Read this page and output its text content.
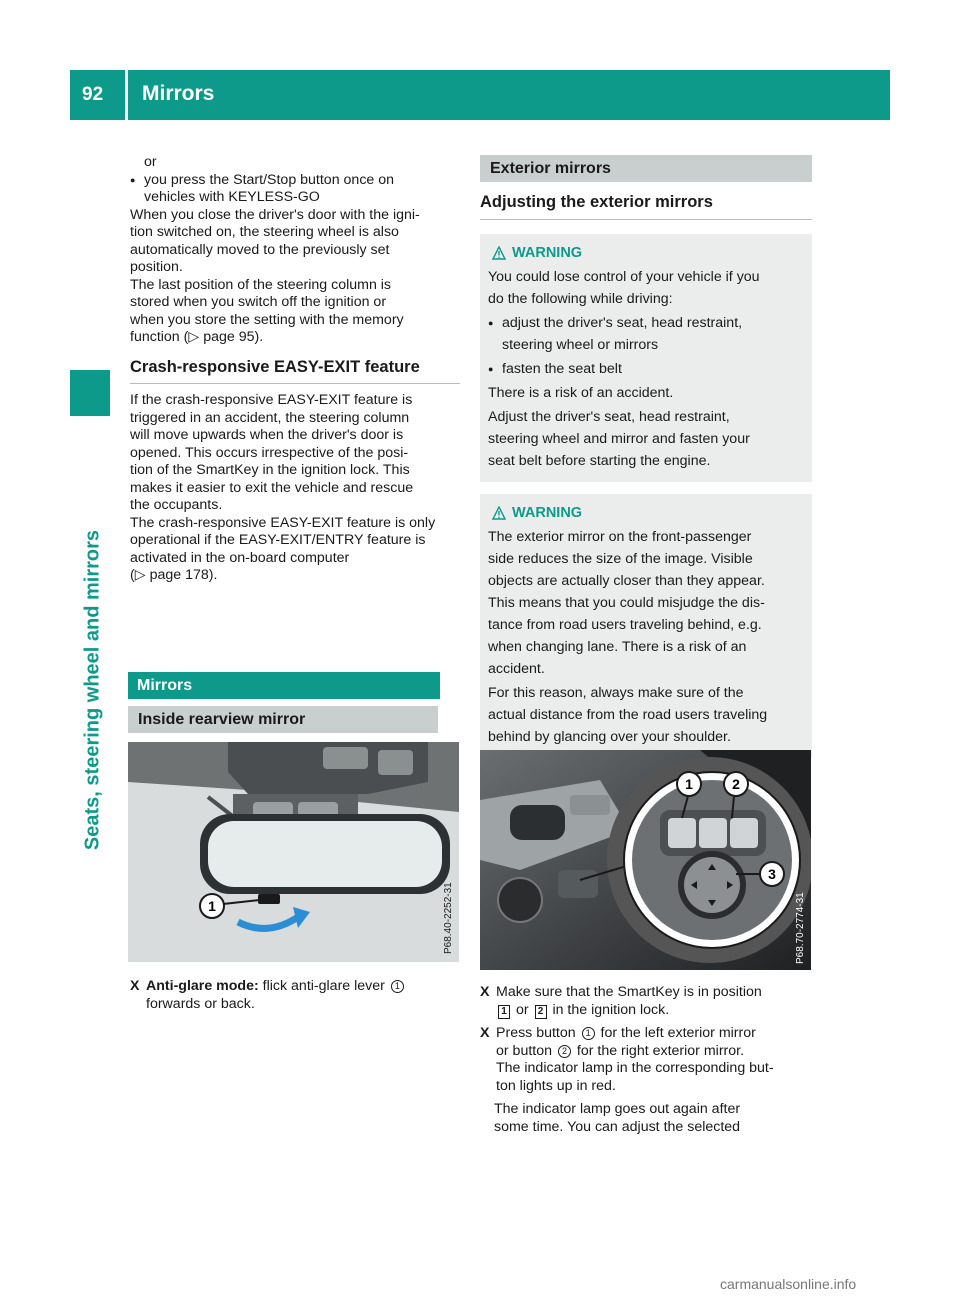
92 Mirrors
Seats, steering wheel and mirrors

or

● you press the Start/Stop button once on
vehicles with KEYLESS-GO

When you close the driver's door with the igni-
tion switched on, the steering wheel is also
automatically moved to the previously set
position.

The last position of the steering column is
stored when you switch off the ignition or
when you store the setting with the memory
function (▷ page 95).

Crash-responsive EASY-EXIT feature

If the crash-responsive EASY-EXIT feature is
triggered in an accident, the steering column
will move upwards when the driver's door is
opened. This occurs irrespective of the posi-
tion of the SmartKey in the ignition lock. This
makes it easier to exit the vehicle and rescue
the occupants.

The crash-responsive EASY-EXIT feature is only
operational if the EASY-EXIT/ENTRY feature is
activated in the on-board computer
(▷ page 178).

Mirrors
Inside rearview mirror
1	P68.40-2252-31

X Anti-glare mode: flick anti-glare lever 1
forwards or back.

Exterior mirrors
Adjusting the exterior mirrors
WARNING

You could lose control of your vehicle if you
do the following while driving:

● adjust the driver's seat, head restraint,
steering wheel or mirrors

● fasten the seat belt

There is a risk of an accident.

Adjust the driver's seat, head restraint,
steering wheel and mirror and fasten your
seat belt before starting the engine.

WARNING

The exterior mirror on the front-passenger
side reduces the size of the image. Visible
objects are actually closer than they appear.
This means that you could misjudge the dis-
tance from road users traveling behind, e.g.
when changing lane. There is a risk of an
accident.

For this reason, always make sure of the
actual distance from the road users traveling
behind by glancing over your shoulder.

1	2
3
P68.70-2774-31

X Make sure that the SmartKey is in position
1 or 2 in the ignition lock.

X Press button 1 for the left exterior mirror
or button 2 for the right exterior mirror.
The indicator lamp in the corresponding but-
ton lights up in red.

The indicator lamp goes out again after
some time. You can adjust the selected

carmanualsonline.info
